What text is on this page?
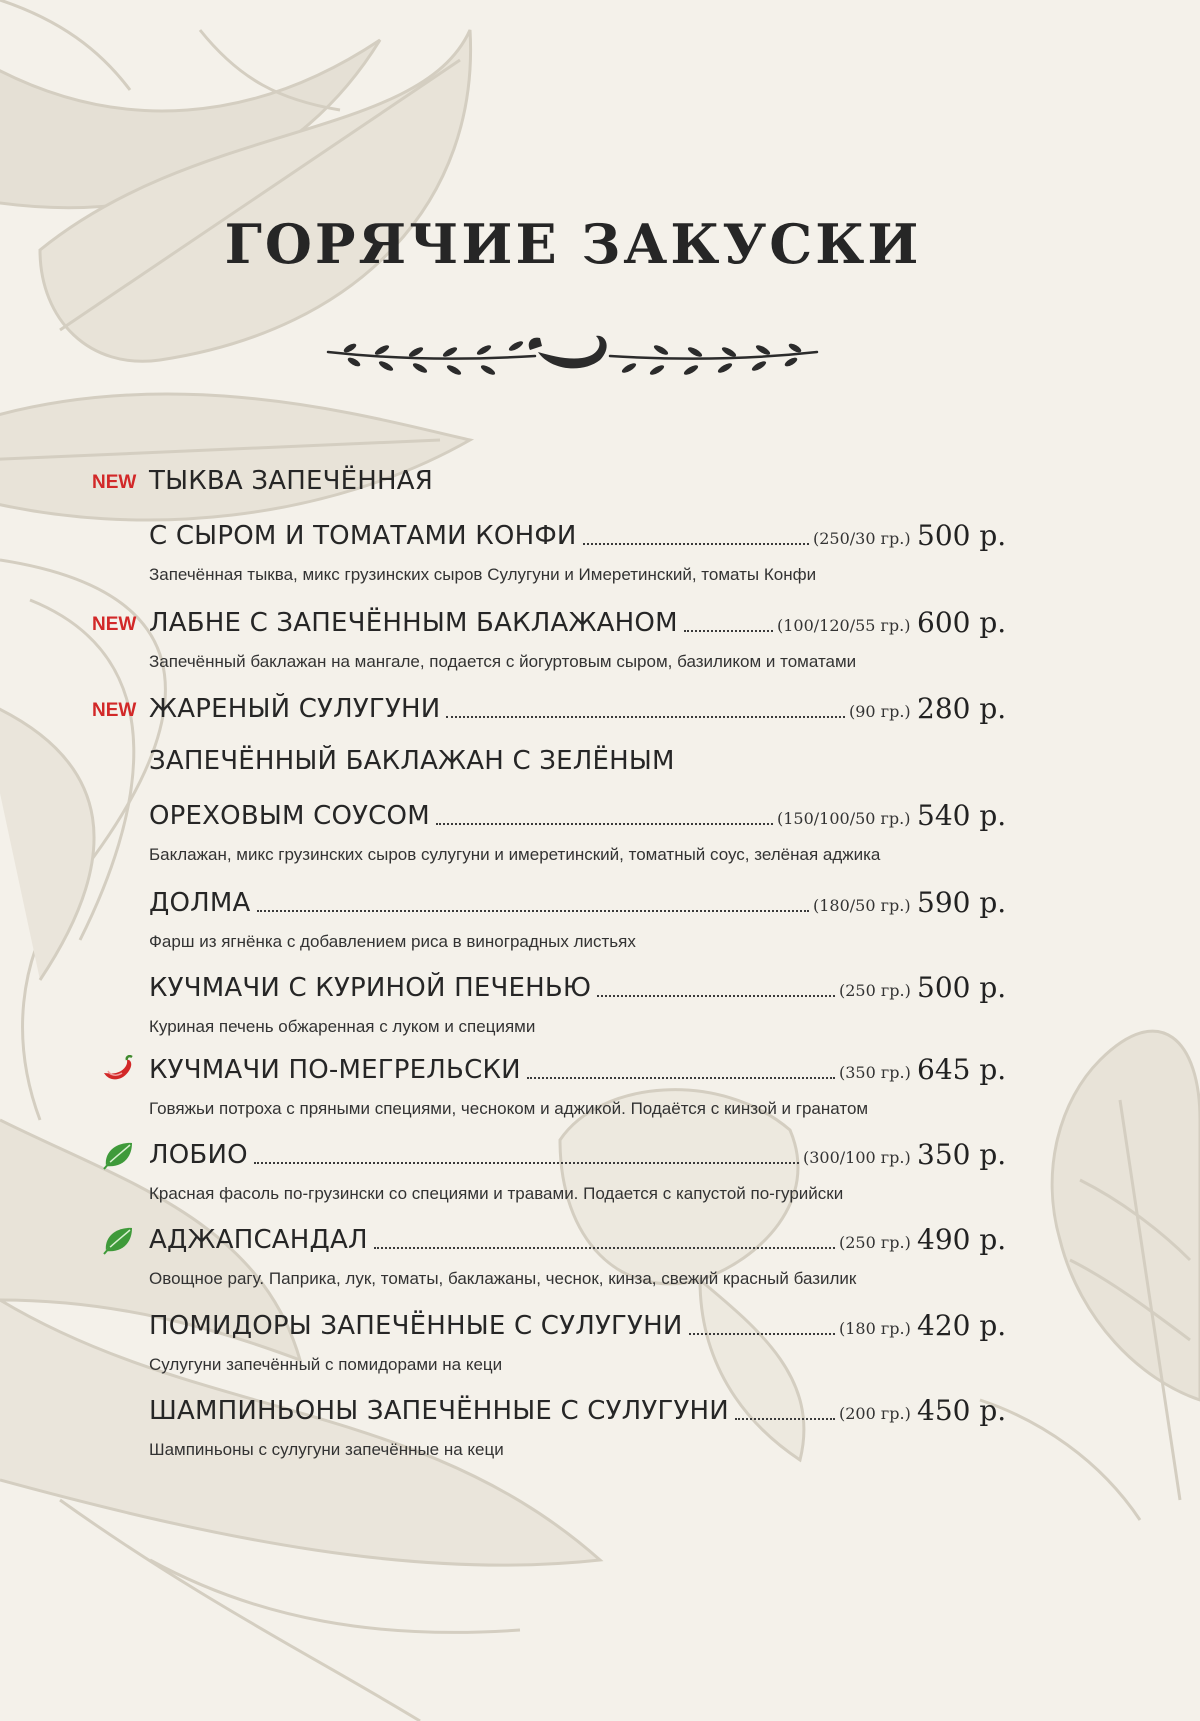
ГОРЯЧИЕ ЗАКУСКИ
ТЫКВА ЗАПЕЧЁННАЯ
NEW
С СЫРОМ И ТОМАТАМИ КОНФИ	(250/30 гр.) 500 р.
Запечённая тыква, микс грузинских сыров Сулугуни и Имеретинский, томаты Конфи
NEW ЛАБНЕ С ЗАПЕЧЁННЫМ БАКЛАЖАНОМ	(100/120/55 гр.) 600 р.
Запечённый баклажан на мангале, подается с йогуртовым сыром, базиликом и томатами
NEW ЖАРЕНЫЙ СУЛУГУНИ	(90 гр.) 280 р.
ЗАПЕЧЁННЫЙ БАКЛАЖАН С ЗЕЛЁНЫМ
ОРЕХОВЫМ СОУСОМ	(150/100/50 гр.) 540 р.
Баклажан, микс грузинских сыров сулугуни и имеретинский, томатный соус, зелёная аджика
ДОЛМА	(180/50 гр.) 590 р.
Фарш из ягнёнка с добавлением риса в виноградных листьях
КУЧМАЧИ С КУРИНОЙ ПЕЧЕНЬЮ	(250 гр.) 500 р.
Куриная печень обжаренная с луком и специями
КУЧМАЧИ ПО-МЕГРЕЛЬСКИ	(350 гр.) 645 р.
Говяжьи потроха с пряными специями, чесноком и аджикой. Подаётся с кинзой и гранатом
ЛОБИО	(300/100 гр.) 350 р.
Красная фасоль по-грузински со специями и травами. Подается с капустой по-гурийски
АДЖАПСАНДАЛ	(250 гр.) 490 р.
Овощное рагу. Паприка, лук, томаты, баклажаны, чеснок, кинза, свежий красный базилик
ПОМИДОРЫ ЗАПЕЧЁННЫЕ С СУЛУГУНИ	(180 гр.) 420 р.
Сулугуни запечённый с помидорами на кеци
ШАМПИНЬОНЫ ЗАПЕЧЁННЫЕ С СУЛУГУНИ	(200 гр.) 450 р.
Шампиньоны с сулугуни запечённые на кеци
